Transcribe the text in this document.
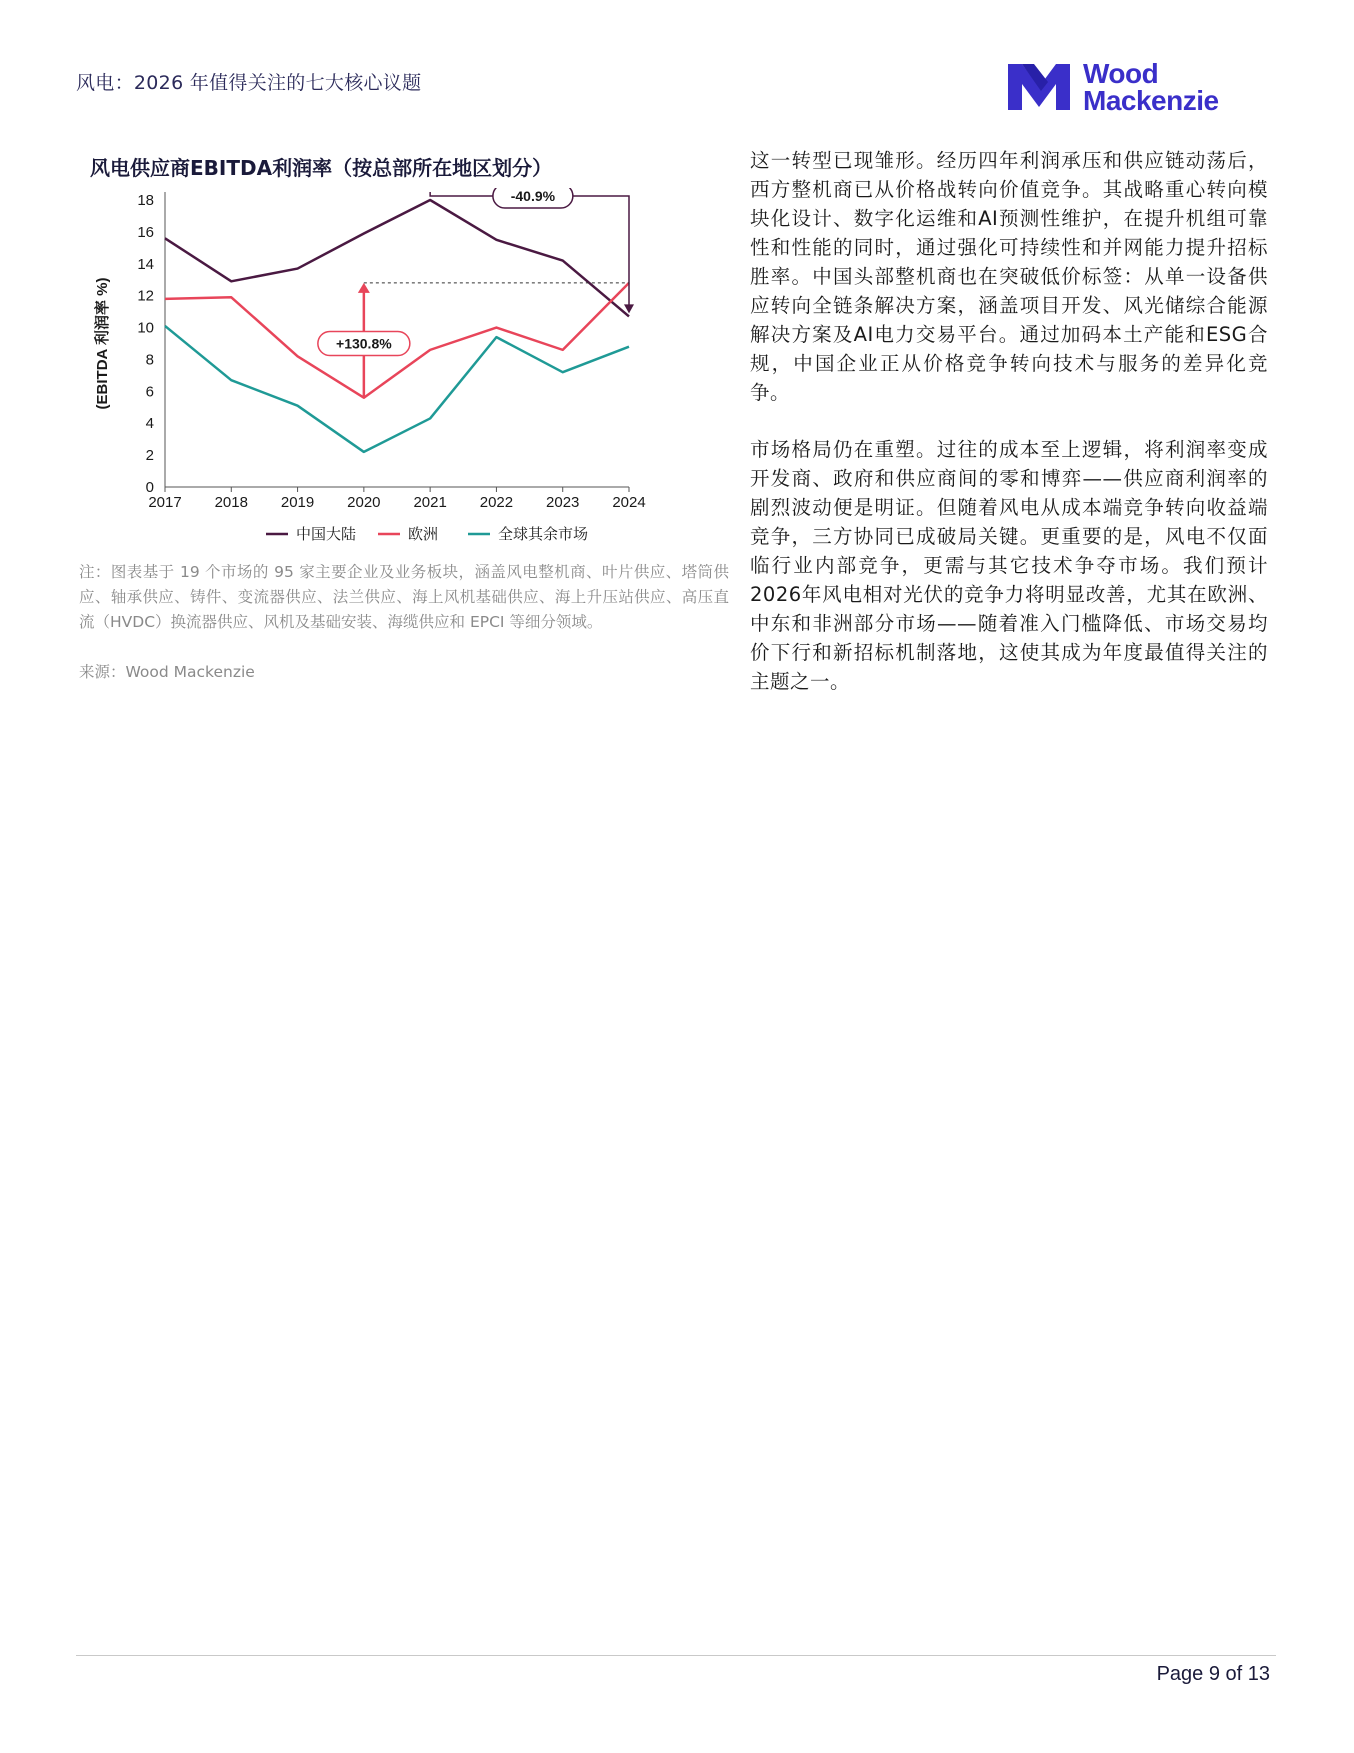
风电：2026 年值得关注的七大核心议题	Wood
Mackenzie
风电供应商EBITDA利润率（按总部所在地区划分）
0
2
4
6
8
10
12
14
16
18
2017 2018 2019 2020 2021 2022 2023 2024
(EBITDA 利润率 %)
-40.9%
+130.8%
中国大陆	欧洲	全球其余市场
注：图表基于 19 个市场的 95 家主要企业及业务板块，涵盖风电整机商、叶片供应、塔筒供应、轴承供应、铸件、变流器供应、法兰供应、海上风机基础供应、海上升压站供应、高压直流（HVDC）换流器供应、风机及基础安装、海缆供应和 EPCI 等细分领域。
来源：Wood Mackenzie

这一转型已现雏形。经历四年利润承压和供应链动荡后，西方整机商已从价格战转向价值竞争。其战略重心转向模块化设计、数字化运维和AI预测性维护，在提升机组可靠性和性能的同时，通过强化可持续性和并网能力提升招标胜率。中国头部整机商也在突破低价标签：从单一设备供应转向全链条解决方案，涵盖项目开发、风光储综合能源解决方案及AI电力交易平台。通过加码本土产能和ESG合规，中国企业正从价格竞争转向技术与服务的差异化竞争。

市场格局仍在重塑。过往的成本至上逻辑，将利润率变成开发商、政府和供应商间的零和博弈——供应商利润率的剧烈波动便是明证。但随着风电从成本端竞争转向收益端竞争，三方协同已成破局关键。更重要的是，风电不仅面临行业内部竞争，更需与其它技术争夺市场。我们预计2026年风电相对光伏的竞争力将明显改善，尤其在欧洲、中东和非洲部分市场——随着准入门槛降低、市场交易均价下行和新招标机制落地，这使其成为年度最值得关注的主题之一。

Page 9 of 13
